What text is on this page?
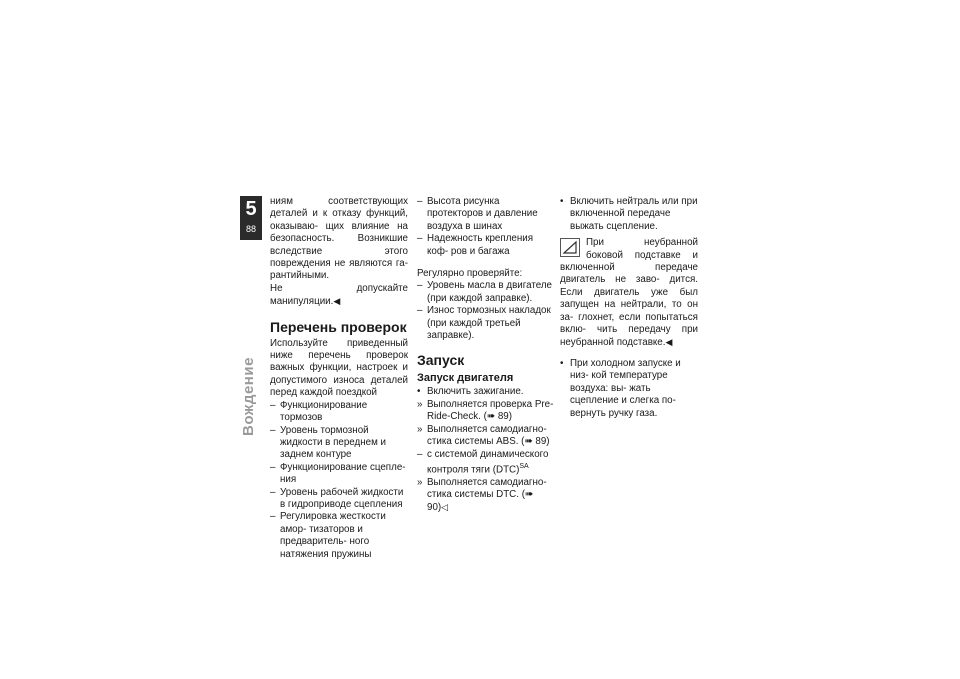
5
88
Вождение

ниям соответствующих деталей и к отказу функций, оказываю- щих влияние на безопасность. Возникшие вследствие этого повреждения не являются га- рантийными.

Не допускайте манипуляции.◀

Перечень проверок

Используйте приведенный ниже перечень проверок важных функции, настроек и допустимого износа деталей перед каждой поездкой

– Функционирование тормозов
– Уровень тормозной жидкости в переднем и заднем контуре
– Функционирование сцепле- ния
– Уровень рабочей жидкости в гидроприводе сцепления
– Регулировка жесткости амор- тизаторов и предваритель- ного натяжения пружины
– Высота рисунка протекторов и давление воздуха в шинах
– Надежность крепления коф- ров и багажа

Регулярно проверяйте:

– Уровень масла в двигателе (при каждой заправке).
– Износ тормозных накладок (при каждой третьей заправке).
Запуск
Запуск двигателя
• Включить зажигание.
» Выполняется проверка Pre- Ride-Check. (➠ 89)
» Выполняется самодиагно- стика системы ABS. (➠ 89)
– с системой динамического контроля тяги (DTC)$^{SA}$
» Выполняется самодиагно- стика системы DTC. (➠ 90)◁
• Включить нейтраль или при включенной передаче выжать сцепление.

При неубранной боковой подставке и включенной передаче двигатель не заво- дится. Если двигатель уже был запущен на нейтрали, то он за- глохнет, если попытаться вклю- чить передачу при неубранной подставке.◀

• При холодном запуске и низ- кой температуре воздуха: вы- жать сцепление и слегка по- вернуть ручку газа.
